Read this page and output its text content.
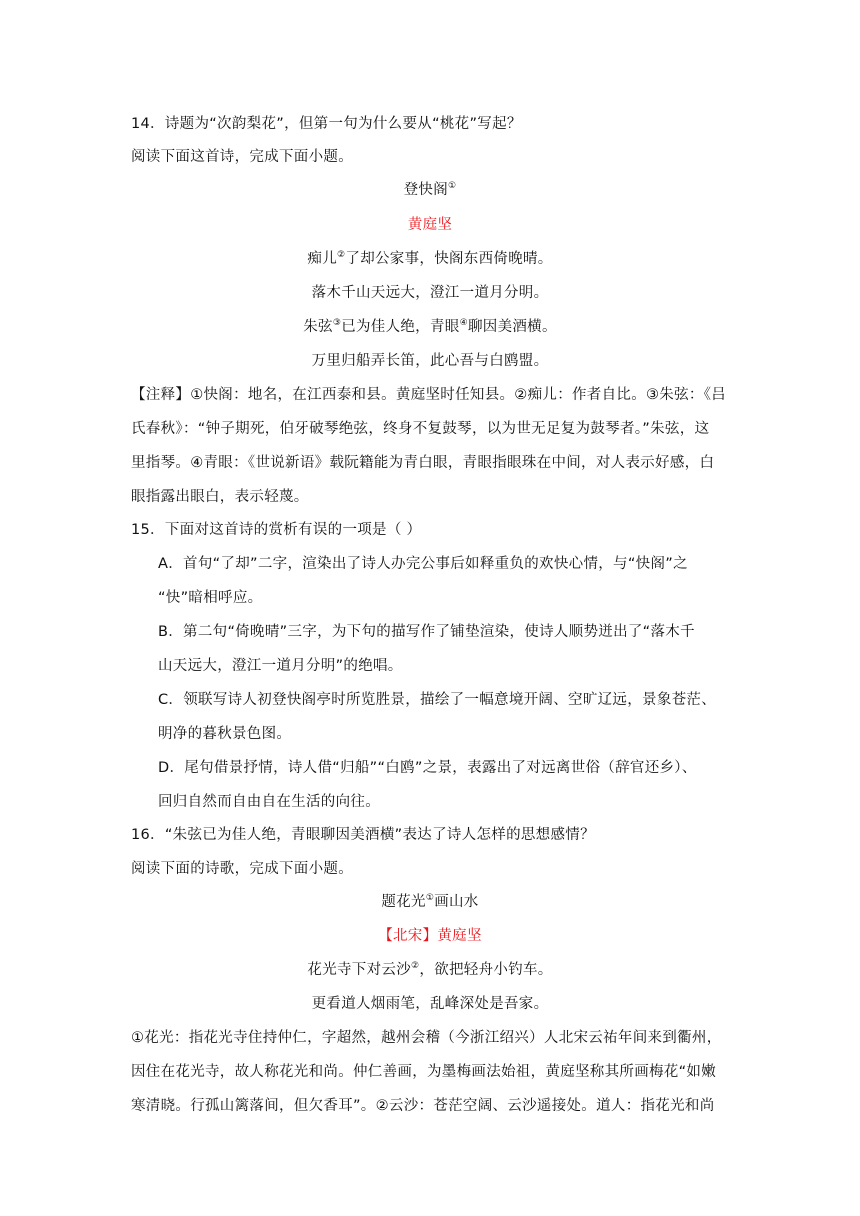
14．诗题为“次韵梨花”，但第一句为什么要从“桃花”写起？
阅读下面这首诗，完成下面小题。
登快阁①
黄庭坚
痴儿②了却公家事，快阁东西倚晚晴。
落木千山天远大，澄江一道月分明。
朱弦③已为佳人绝，青眼④聊因美酒横。
万里归船弄长笛，此心吾与白鸥盟。
【注释】①快阁：地名，在江西泰和县。黄庭坚时任知县。②痴儿：作者自比。③朱弦：《吕
氏春秋》：“钟子期死，伯牙破琴绝弦，终身不复鼓琴，以为世无足复为鼓琴者。”朱弦，这
里指琴。④青眼：《世说新语》载阮籍能为青白眼，青眼指眼珠在中间，对人表示好感，白
眼指露出眼白，表示轻蔑。
15．下面对这首诗的赏析有误的一项是（ ）
A．首句“了却”二字，渲染出了诗人办完公事后如释重负的欢快心情，与“快阁”之
“快”暗相呼应。
B．第二句“倚晚晴”三字，为下句的描写作了铺垫渲染，使诗人顺势迸出了“落木千
山天远大，澄江一道月分明”的绝唱。
C．领联写诗人初登快阁亭时所览胜景，描绘了一幅意境开阔、空旷辽远，景象苍茫、
明净的暮秋景色图。
D．尾句借景抒情，诗人借“归船”“白鸥”之景，表露出了对远离世俗（辞官还乡）、
回归自然而自由自在生活的向往。
16．“朱弦已为佳人绝，青眼聊因美酒横”表达了诗人怎样的思想感情？
阅读下面的诗歌，完成下面小题。
题花光①画山水
【北宋】黄庭坚
花光寺下对云沙②，欲把轻舟小钓车。
更看道人烟雨笔，乱峰深处是吾家。
①花光：指花光寺住持仲仁，字超然，越州会稽（今浙江绍兴）人北宋云祐年间来到衢州，
因住在花光寺，故人称花光和尚。仲仁善画，为墨梅画法始祖，黄庭坚称其所画梅花“如嫩
寒清晓。行孤山篱落间，但欠香耳”。②云沙：苍茫空阔、云沙遥接处。道人：指花光和尚
